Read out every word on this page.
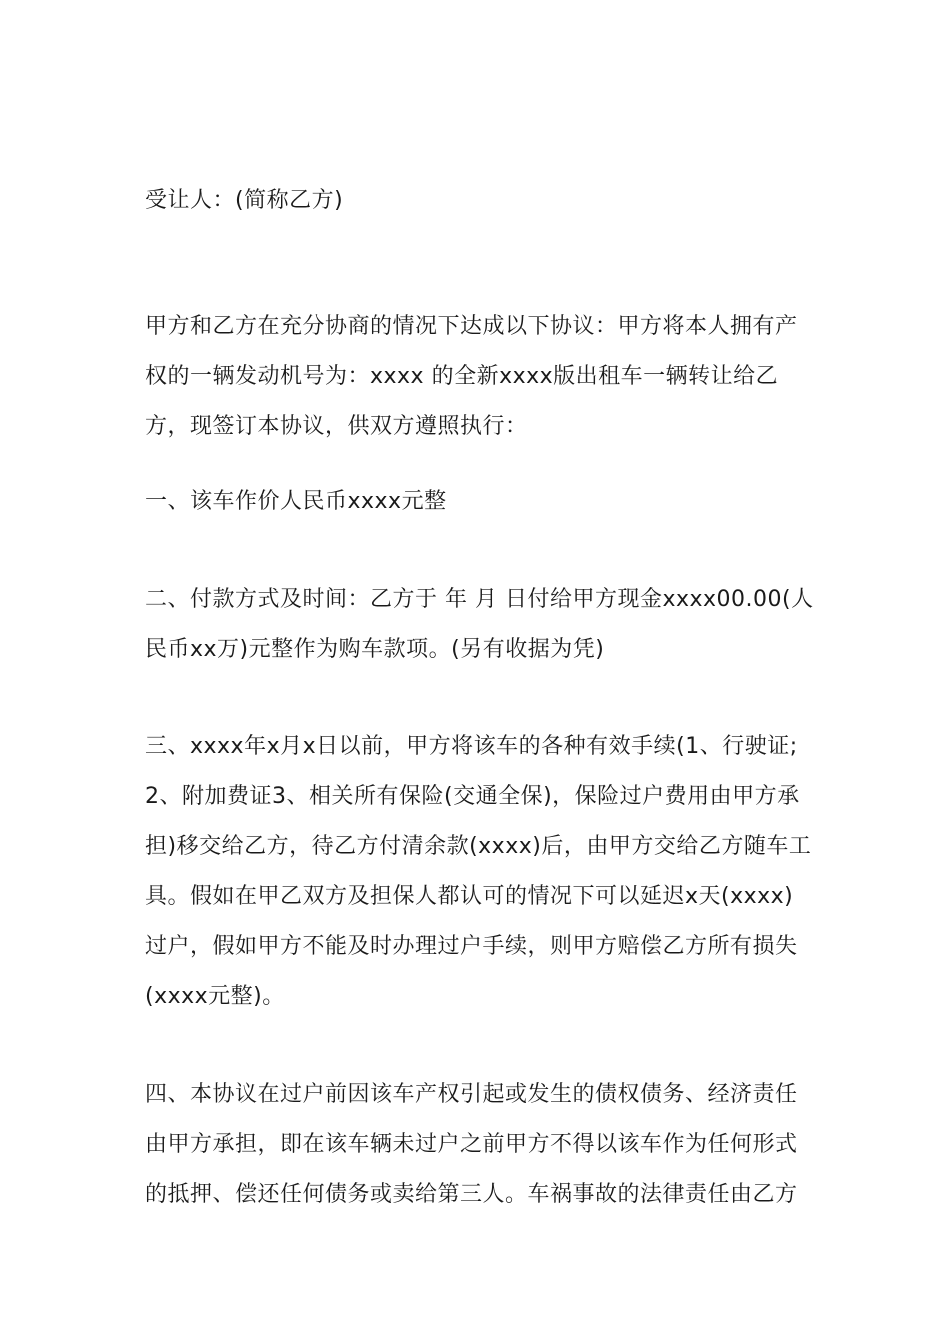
受让人：(简称乙方)
甲方和乙方在充分协商的情况下达成以下协议：甲方将本人拥有产权的一辆发动机号为：xxxx 的全新xxxx版出租车一辆转让给乙方，现签订本协议，供双方遵照执行：
一、该车作价人民币xxxx元整
二、付款方式及时间：乙方于 年 月 日付给甲方现金xxxx00.00(人民币xx万)元整作为购车款项。(另有收据为凭)
三、xxxx年x月x日以前，甲方将该车的各种有效手续(1、行驶证;2、附加费证3、相关所有保险(交通全保)，保险过户费用由甲方承担)移交给乙方，待乙方付清余款(xxxx)后，由甲方交给乙方随车工具。假如在甲乙双方及担保人都认可的情况下可以延迟x天(xxxx)过户，假如甲方不能及时办理过户手续，则甲方赔偿乙方所有损失(xxxx元整)。
四、本协议在过户前因该车产权引起或发生的债权债务、经济责任由甲方承担，即在该车辆未过户之前甲方不得以该车作为任何形式的抵押、偿还任何债务或卖给第三人。车祸事故的法律责任由乙方
